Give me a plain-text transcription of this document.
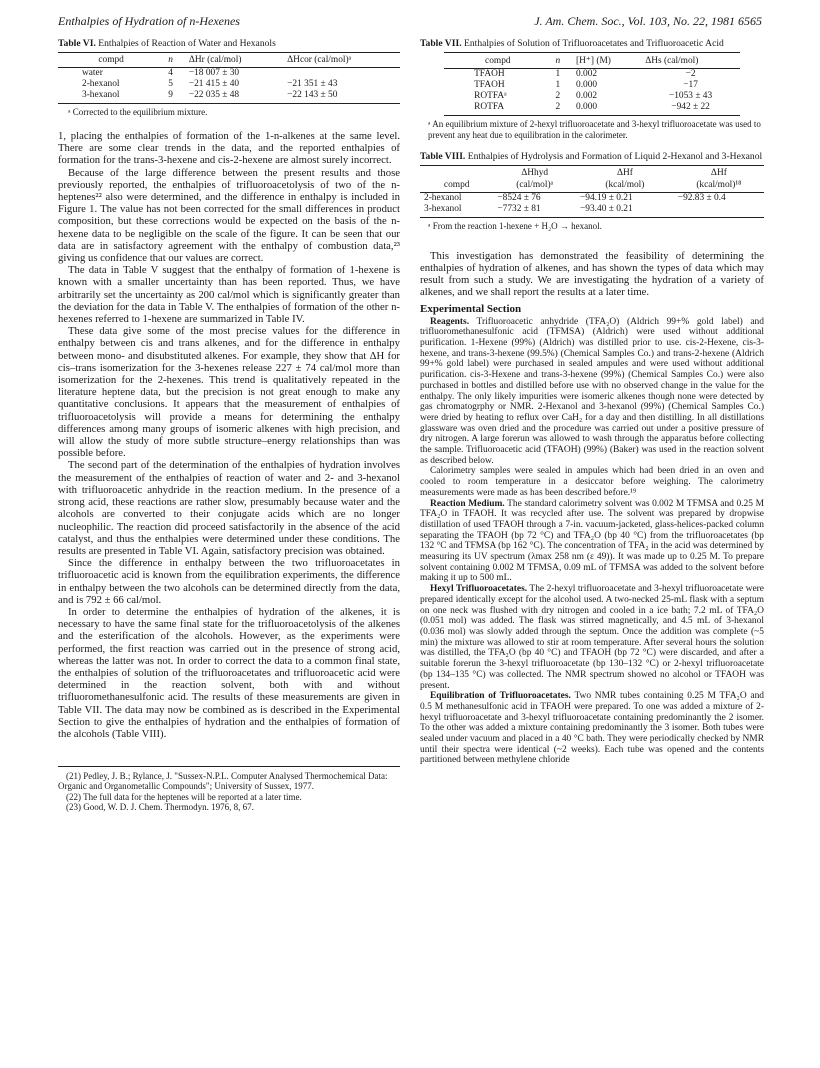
Enthalpies of Hydration of n-Hexenes	J. Am. Chem. Soc., Vol. 103, No. 22, 1981 6565
Table VI. Enthalpies of Reaction of Water and Hexanols
compd	n	ΔHr (cal/mol)	ΔHcor (cal/mol)ᵃ
water	4	−18 007 ± 30	
2-hexanol	5	−21 415 ± 40	−21 351 ± 43
3-hexanol	9	−22 035 ± 48	−22 143 ± 50
ᵃ Corrected to the equilibrium mixture.

1, placing the enthalpies of formation of the 1-n-alkenes at the same level. There are some clear trends in the data, and the reported enthalpies of formation for the trans-3-hexene and cis-2-hexene are almost surely incorrect.

Because of the large difference between the present results and those previously reported, the enthalpies of trifluoroacetolysis of two of the n-heptenes²² also were determined, and the difference in enthalpy is included in Figure 1. The value has not been corrected for the small differences in product composition, but these corrections would be expected on the basis of the n-hexene data to be negligible on the scale of the figure. It can be seen that our data are in satisfactory agreement with the enthalpy of combustion data,²³ giving us confidence that our values are correct.

The data in Table V suggest that the enthalpy of formation of 1-hexene is known with a smaller uncertainty than has been reported. Thus, we have arbitrarily set the uncertainty as 200 cal/mol which is significantly greater than the deviation for the data in Table V. The enthalpies of formation of the other n-hexenes referred to 1-hexene are summarized in Table IV.

These data give some of the most precise values for the difference in enthalpy between cis and trans alkenes, and for the difference in enthalpy between mono- and disubstituted alkenes. For example, they show that ΔH for cis–trans isomerization for the 3-hexenes release 227 ± 74 cal/mol more than isomerization for the 2-hexenes. This trend is qualitatively repeated in the literature heptene data, but the precision is not great enough to make any quantitative conclusions. It appears that the measurement of enthalpies of trifluoroacetolysis will provide a means for determining the enthalpy differences among many groups of isomeric alkenes with high precision, and will allow the study of more subtle structure–energy relationships than was possible before.

The second part of the determination of the enthalpies of hydration involves the measurement of the enthalpies of reaction of water and 2- and 3-hexanol with trifluoroacetic anhydride in the reaction medium. In the presence of a strong acid, these reactions are rather slow, presumably because water and the alcohols are converted to their conjugate acids which are no longer nucleophilic. The reaction did proceed satisfactorily in the absence of the acid catalyst, and thus the enthalpies were determined under these conditions. The results are presented in Table VI. Again, satisfactory precision was obtained.

Since the difference in enthalpy between the two trifluoroacetates in trifluoroacetic acid is known from the equilibration experiments, the difference in enthalpy between the two alcohols can be determined directly from the data, and is 792 ± 66 cal/mol.

In order to determine the enthalpies of hydration of the alkenes, it is necessary to have the same final state for the trifluoroacetolysis of the alkenes and the esterification of the alcohols. However, as the experiments were performed, the first reaction was carried out in the presence of strong acid, whereas the latter was not. In order to correct the data to a common final state, the enthalpies of solution of the trifluoroacetates and trifluoroacetic acid were determined in the reaction solvent, both with and without trifluoromethanesulfonic acid. The results of these measurements are given in Table VII. The data may now be combined as is described in the Experimental Section to give the enthalpies of hydration and the enthalpies of formation of the alcohols (Table VIII).

(21) Pedley, J. B.; Rylance, J. "Sussex-N.P.L. Computer Analysed Thermochemical Data: Organic and Organometallic Compounds"; University of Sussex, 1977.

(22) The full data for the heptenes will be reported at a later time.

(23) Good, W. D. J. Chem. Thermodyn. 1976, 8, 67.

Table VII. Enthalpies of Solution of Trifluoroacetates and Trifluoroacetic Acid
compd	n	[H⁺] (M)	ΔHs (cal/mol)
TFAOH	1	0.002	−2
TFAOH	1	0.000	−17
ROTFAᵃ	2	0.002	−1053 ± 43
ROTFA	2	0.000	−942 ± 22
ᵃ An equilibrium mixture of 2-hexyl trifluoroacetate and 3-hexyl trifluoroacetate was used to prevent any heat due to equilibration in the calorimeter.
Table VIII. Enthalpies of Hydrolysis and Formation of Liquid 2-Hexanol and 3-Hexanol
	ΔHhyd	ΔHf	ΔHf
compd	(cal/mol)ᵃ	(kcal/mol)	(kcal/mol)¹⁸
2-hexanol	−8524 ± 76	−94.19 ± 0.21	−92.83 ± 0.4
3-hexanol	−7732 ± 81	−93.40 ± 0.21	
ᵃ From the reaction 1-hexene + H₂O → hexanol.

This investigation has demonstrated the feasibility of determining the enthalpies of hydration of alkenes, and has shown the types of data which may result from such a study. We are investigating the hydration of a variety of alkenes, and we shall report the results at a later time.

Experimental Section

Reagents. Trifluoroacetic anhydride (TFA₂O) (Aldrich 99+% gold label) and trifluoromethanesulfonic acid (TFMSA) (Aldrich) were used without additional purification. 1-Hexene (99%) (Aldrich) was distilled prior to use. cis-2-Hexene, cis-3-hexene, and trans-3-hexene (99.5%) (Chemical Samples Co.) and trans-2-hexene (Aldrich 99+% gold label) were purchased in sealed ampules and were used without additional purification. cis-3-Hexene and trans-3-hexene (99%) (Chemical Samples Co.) were also purchased in bottles and distilled before use with no observed change in the value for the enthalpy. The only likely impurities were isomeric alkenes though none were detected by gas chromatogrphy or NMR. 2-Hexanol and 3-hexanol (99%) (Chemical Samples Co.) were dried by heating to reflux over CaH₂ for a day and then distilling. In all distillations glassware was oven dried and the procedure was carried out under a positive pressure of dry nitrogen. A large forerun was allowed to wash through the apparatus before collecting the sample. Trifluoroacetic acid (TFAOH) (99%) (Baker) was used in the reaction solvent as described below.

Calorimetry samples were sealed in ampules which had been dried in an oven and cooled to room temperature in a desiccator before weighing. The calorimetry measurements were made as has been described before.¹⁹

Reaction Medium. The standard calorimetry solvent was 0.002 M TFMSA and 0.25 M TFA₂O in TFAOH. It was recycled after use. The solvent was prepared by dropwise distillation of used TFAOH through a 7-in. vacuum-jacketed, glass-helices-packed column separating the TFAOH (bp 72 °C) and TFA₂O (bp 40 °C) from the trifluoroacetates (bp 132 °C and TFMSA (bp 162 °C). The concentration of TFA₂ in the acid was determined by measuring its UV spectrum (λmax 258 nm (ε 49)). It was made up to 0.25 M. To prepare solvent containing 0.002 M TFMSA, 0.09 mL of TFMSA was added to the solvent before making it up to 500 mL.

Hexyl Trifluoroacetates. The 2-hexyl trifluoroacetate and 3-hexyl trifluoroacetate were prepared identically except for the alcohol used. A two-necked 25-mL flask with a septum on one neck was flushed with dry nitrogen and cooled in a ice bath; 7.2 mL of TFA₂O (0.051 mol) was added. The flask was stirred magnetically, and 4.5 mL of 3-hexanol (0.036 mol) was slowly added through the septum. Once the addition was complete (~5 min) the mixture was allowed to stir at room temperature. After several hours the solution was distilled, the TFA₂O (bp 40 °C) and TFAOH (bp 72 °C) were discarded, and after a suitable forerun the 3-hexyl trifluoroacetate (bp 130–132 °C) or 2-hexyl trifluoroacetate (bp 134–135 °C) was collected. The NMR spectrum showed no alcohol or TFAOH was present.

Equilibration of Trifluoroacetates. Two NMR tubes containing 0.25 M TFA₂O and 0.5 M methanesulfonic acid in TFAOH were prepared. To one was added a mixture of 2-hexyl trifluoroacetate and 3-hexyl trifluoroacetate containing predominantly the 2 isomer. To the other was added a mixture containing predominantly the 3 isomer. Both tubes were sealed under vacuum and placed in a 40 °C bath. They were periodically checked by NMR until their spectra were identical (~2 weeks). Each tube was opened and the contents partitioned between methylene chloride
